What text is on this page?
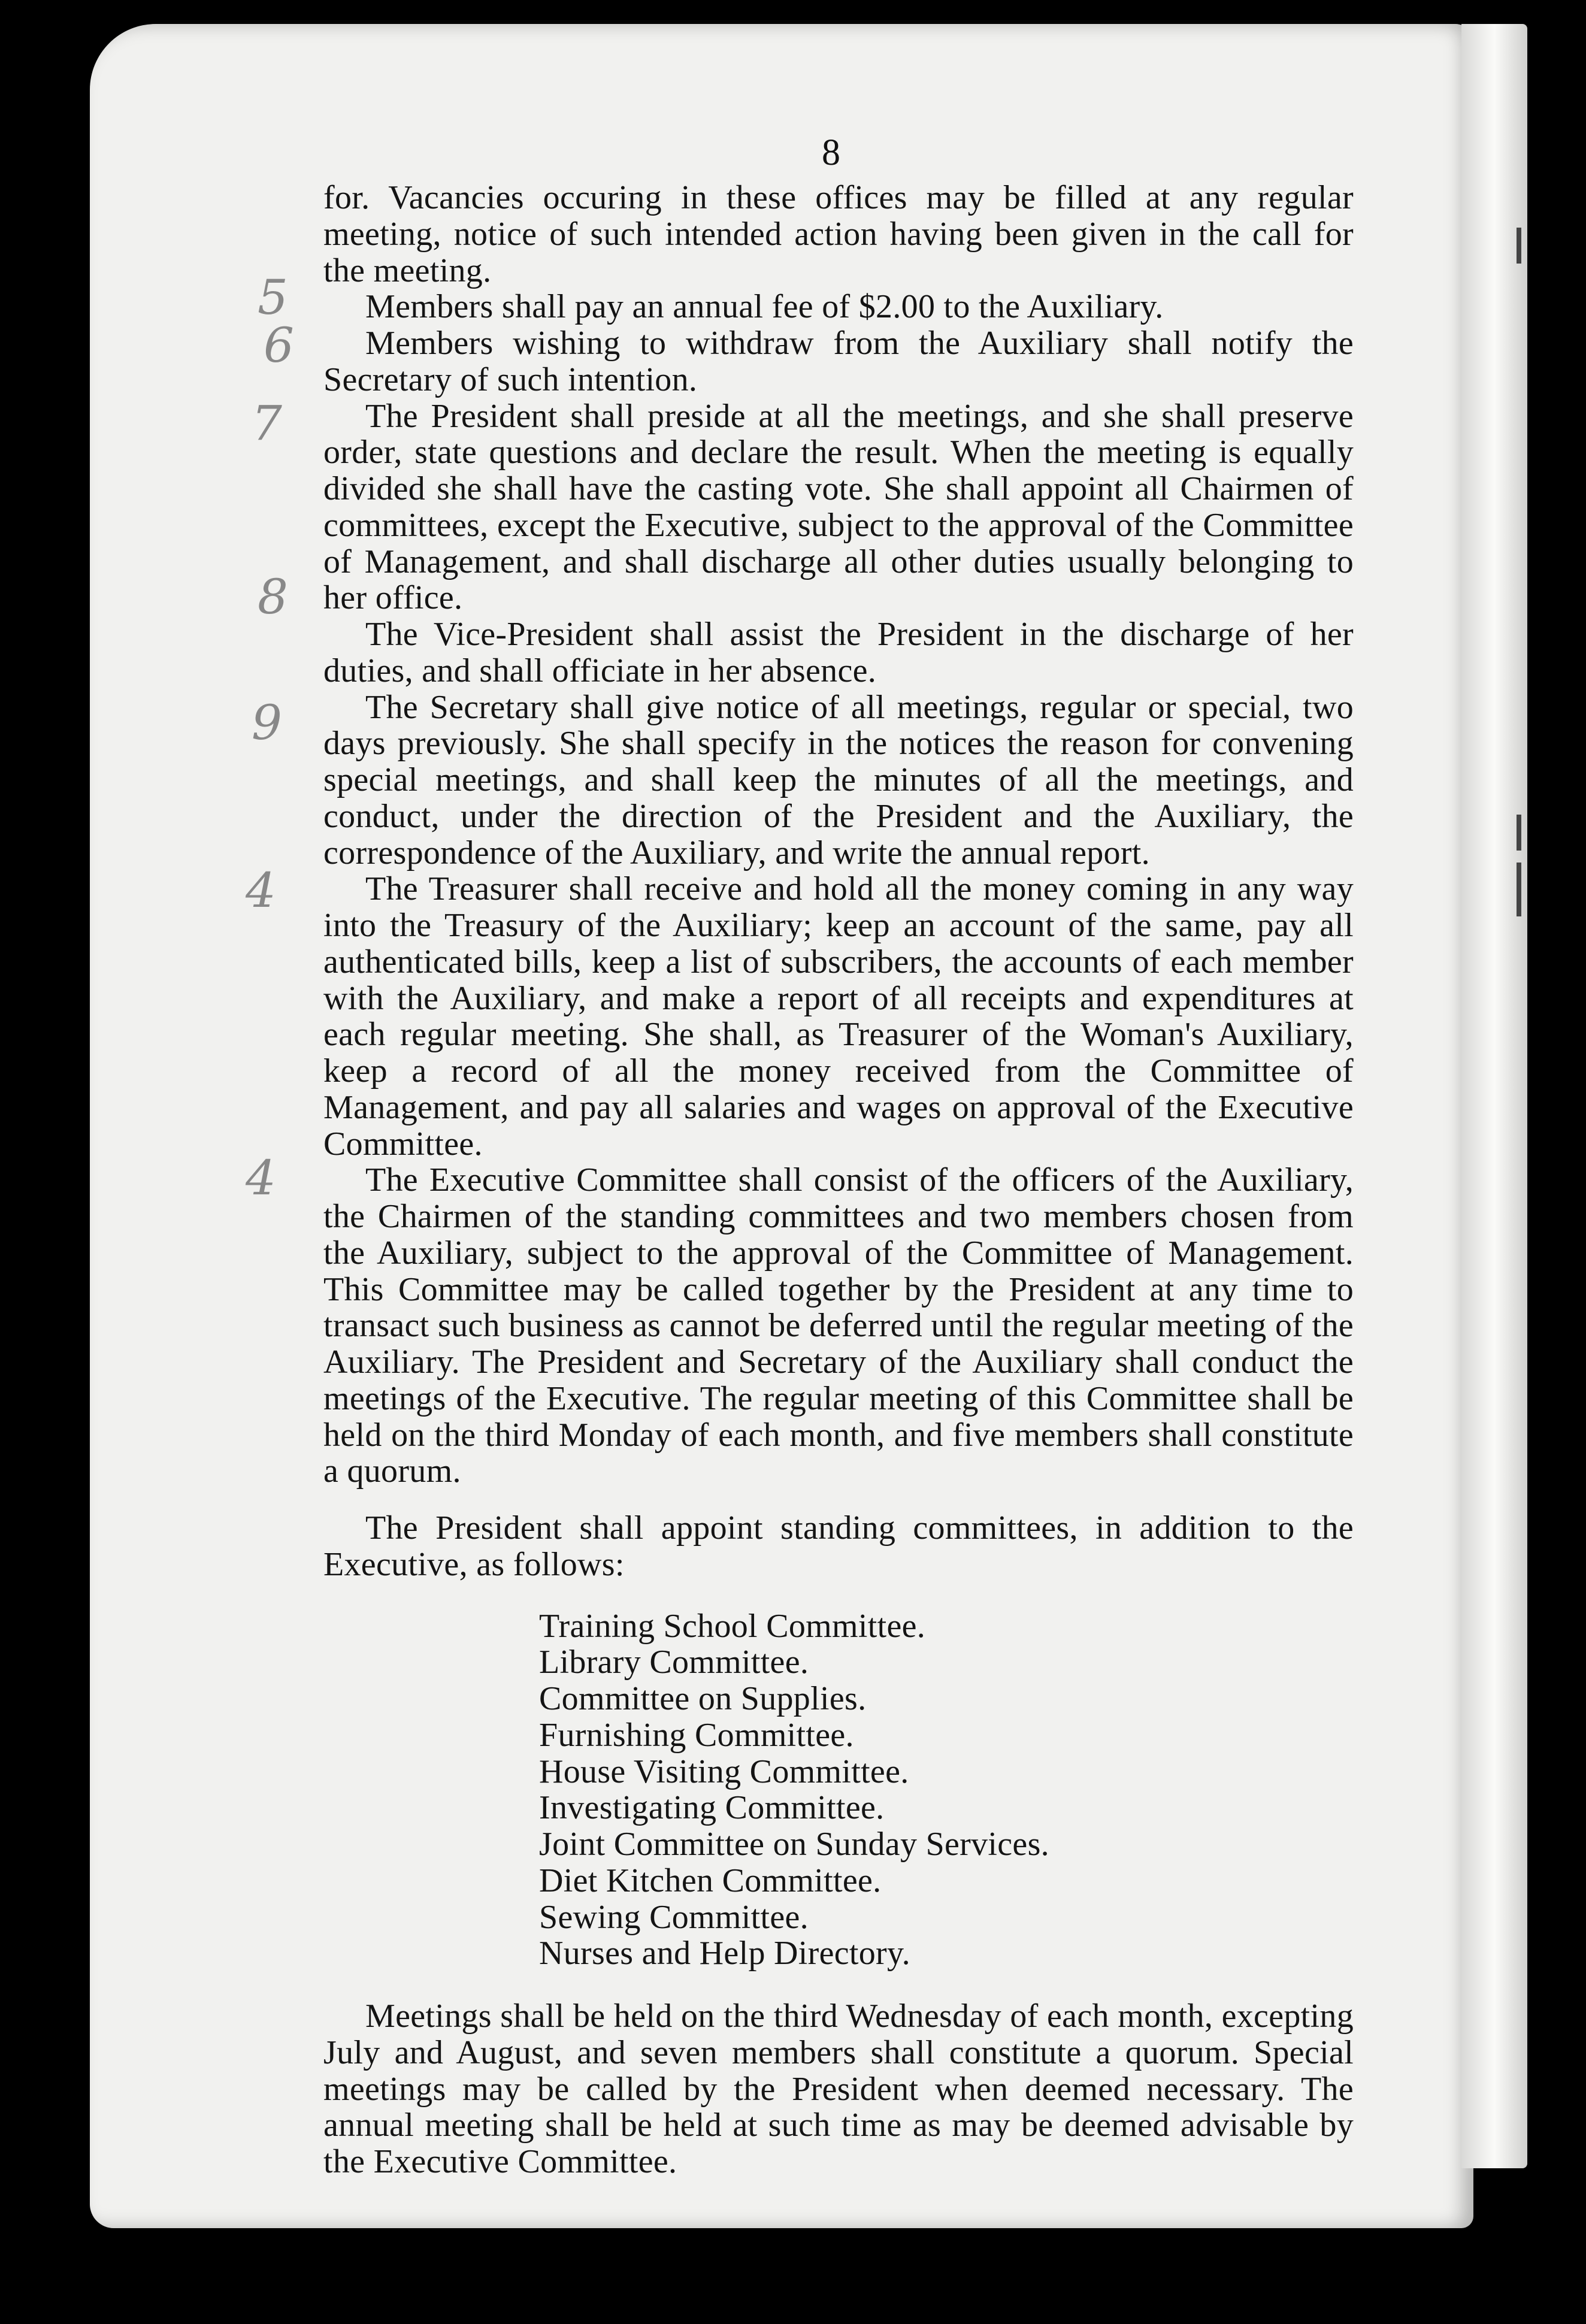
8

5
6
7
8
9
4
4

for. Vacancies occuring in these offices may be filled at any regular meeting, notice of such intended action having been given in the call for the meeting.

Members shall pay an annual fee of $2.00 to the Auxiliary.

Members wishing to withdraw from the Auxiliary shall notify the Secretary of such intention.

The President shall preside at all the meetings, and she shall preserve order, state questions and declare the result. When the meeting is equally divided she shall have the casting vote. She shall appoint all Chairmen of committees, except the Executive, subject to the approval of the Committee of Management, and shall discharge all other duties usually belonging to her office.

The Vice-President shall assist the President in the discharge of her duties, and shall officiate in her absence.

The Secretary shall give notice of all meetings, regular or special, two days previously. She shall specify in the notices the reason for convening special meetings, and shall keep the minutes of all the meetings, and conduct, under the direction of the President and the Auxiliary, the correspondence of the Auxiliary, and write the annual report.

The Treasurer shall receive and hold all the money coming in any way into the Treasury of the Auxiliary; keep an account of the same, pay all authenticated bills, keep a list of subscribers, the accounts of each member with the Auxiliary, and make a report of all receipts and expenditures at each regular meeting. She shall, as Treasurer of the Woman's Auxiliary, keep a record of all the money received from the Committee of Management, and pay all salaries and wages on approval of the Executive Committee.

The Executive Committee shall consist of the officers of the Auxiliary, the Chairmen of the standing committees and two members chosen from the Auxiliary, subject to the approval of the Committee of Management. This Committee may be called together by the President at any time to transact such business as cannot be deferred until the regular meeting of the Auxiliary. The President and Secretary of the Auxiliary shall conduct the meetings of the Executive. The regular meeting of this Committee shall be held on the third Monday of each month, and five members shall constitute a quorum.

The President shall appoint standing committees, in addition to the Executive, as follows:

Training School Committee.
Library Committee.
Committee on Supplies.
Furnishing Committee.
House Visiting Committee.
Investigating Committee.
Joint Committee on Sunday Services.
Diet Kitchen Committee.
Sewing Committee.
Nurses and Help Directory.

Meetings shall be held on the third Wednesday of each month, excepting July and August, and seven members shall constitute a quorum. Special meetings may be called by the President when deemed necessary. The annual meeting shall be held at such time as may be deemed advisable by the Executive Committee.
